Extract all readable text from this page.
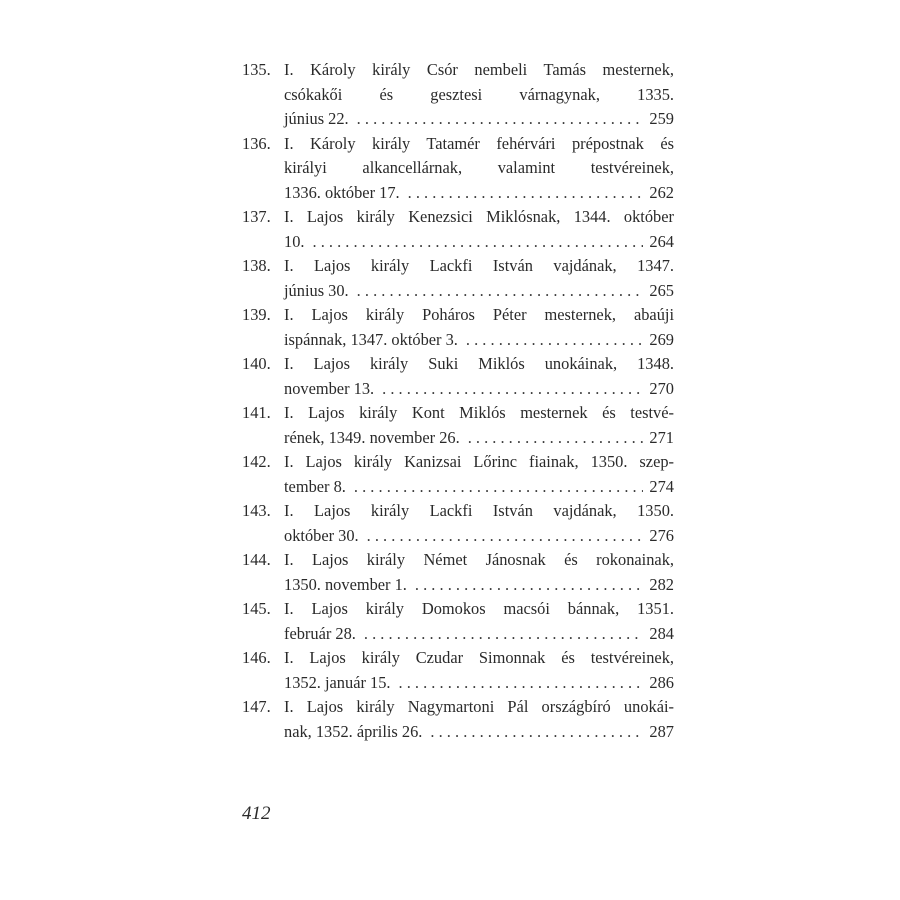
135. I. Károly király Csór nembeli Tamás mesternek,
csókakői és gesztesi várnagynak, 1335.
június 22. . . .	259
136. I. Károly király Tatamér fehérvári prépostnak és
királyi alkancellárnak, valamint testvéreinek,
1336. október 17. . . .	262
137. I. Lajos király Kenezsici Miklósnak, 1344. október
10. . . .	264
138. I. Lajos király Lackfi István vajdának, 1347.
június 30. . . .	265
139. I. Lajos király Poháros Péter mesternek, abaúji
ispánnak, 1347. október 3. . . .	269
140. I. Lajos király Suki Miklós unokáinak, 1348.
november 13. . . .	270
141. I. Lajos király Kont Miklós mesternek és testvé-
rének, 1349. november 26. . . .	271
142. I. Lajos király Kanizsai Lőrinc fiainak, 1350. szep-
tember 8. . . .	274
143. I. Lajos király Lackfi István vajdának, 1350.
október 30. . . .	276
144. I. Lajos király Német Jánosnak és rokonainak,
1350. november 1. . . .	282
145. I. Lajos király Domokos macsói bánnak, 1351.
február 28. . . .	284
146. I. Lajos király Czudar Simonnak és testvéreinek,
1352. január 15. . . .	286
147. I. Lajos király Nagymartoni Pál országbíró unokái-
nak, 1352. április 26. . . .	287
412
